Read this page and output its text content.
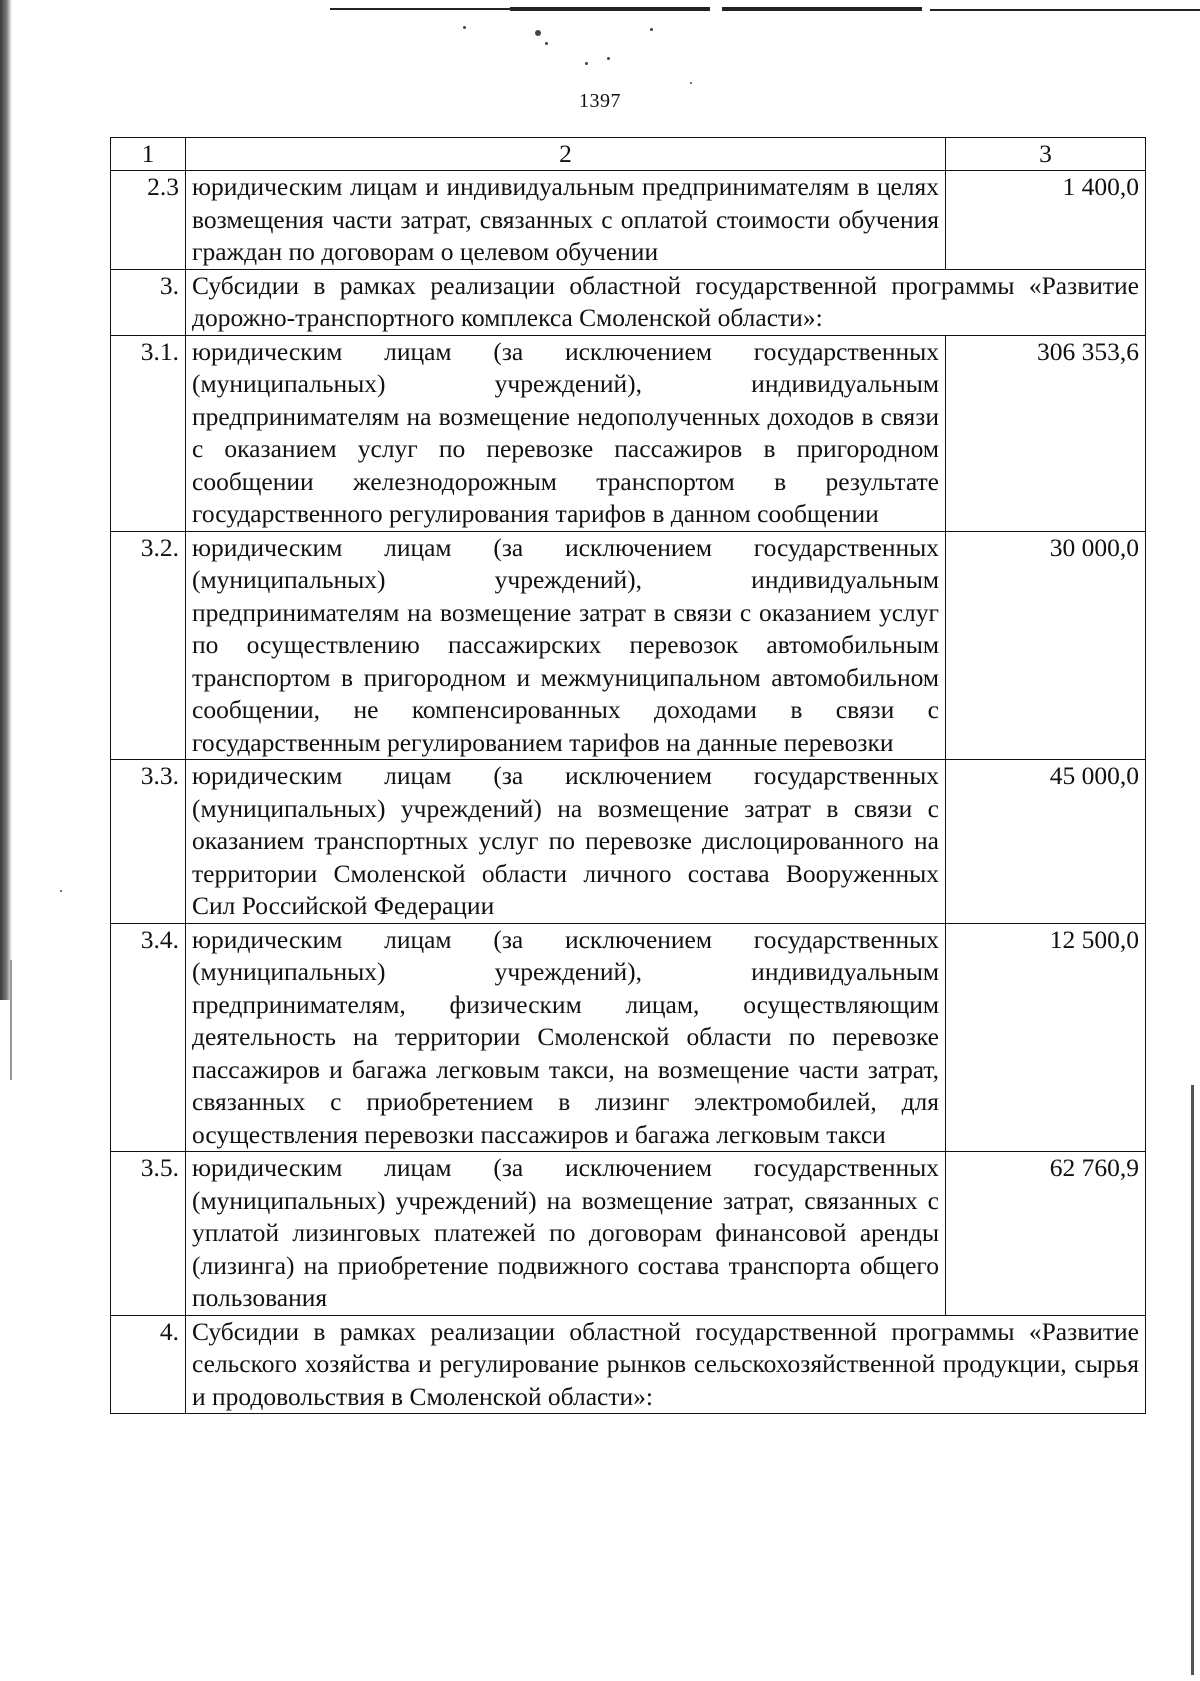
1397
1	2	3
2.3	юридическим лицам и индивидуальным предпринимателям в целях возмещения части затрат, связанных с оплатой стоимости обучения граждан по договорам о целевом обучении	1 400,0
3.	Субсидии в рамках реализации областной государственной программы «Развитие дорожно-транспортного комплекса Смоленской области»:	
3.1.	юридическим лицам (за исключением государственных (муниципальных) учреждений), индивидуальным предпринимателям на возмещение недополученных доходов в связи с оказанием услуг по перевозке пассажиров в пригородном сообщении железнодорожным транспортом в результате государственного регулирования тарифов в данном сообщении	306 353,6
3.2.	юридическим лицам (за исключением государственных (муниципальных) учреждений), индивидуальным предпринимателям на возмещение затрат в связи с оказанием услуг по осуществлению пассажирских перевозок автомобильным транспортом в пригородном и межмуниципальном автомобильном сообщении, не компенсированных доходами в связи с государственным регулированием тарифов на данные перевозки	30 000,0
3.3.	юридическим лицам (за исключением государственных (муниципальных) учреждений) на возмещение затрат в связи с оказанием транспортных услуг по перевозке дислоцированного на территории Смоленской области личного состава Вооруженных Сил Российской Федерации	45 000,0
3.4.	юридическим лицам (за исключением государственных (муниципальных) учреждений), индивидуальным предпринимателям, физическим лицам, осуществляющим деятельность на территории Смоленской области по перевозке пассажиров и багажа легковым такси, на возмещение части затрат, связанных с приобретением в лизинг электромобилей, для осуществления перевозки пассажиров и багажа легковым такси	12 500,0
3.5.	юридическим лицам (за исключением государственных (муниципальных) учреждений) на возмещение затрат, связанных с уплатой лизинговых платежей по договорам финансовой аренды (лизинга) на приобретение подвижного состава транспорта общего пользования	62 760,9
4.	Субсидии в рамках реализации областной государственной программы «Развитие сельского хозяйства и регулирование рынков сельскохозяйственной продукции, сырья и продовольствия в Смоленской области»:	
